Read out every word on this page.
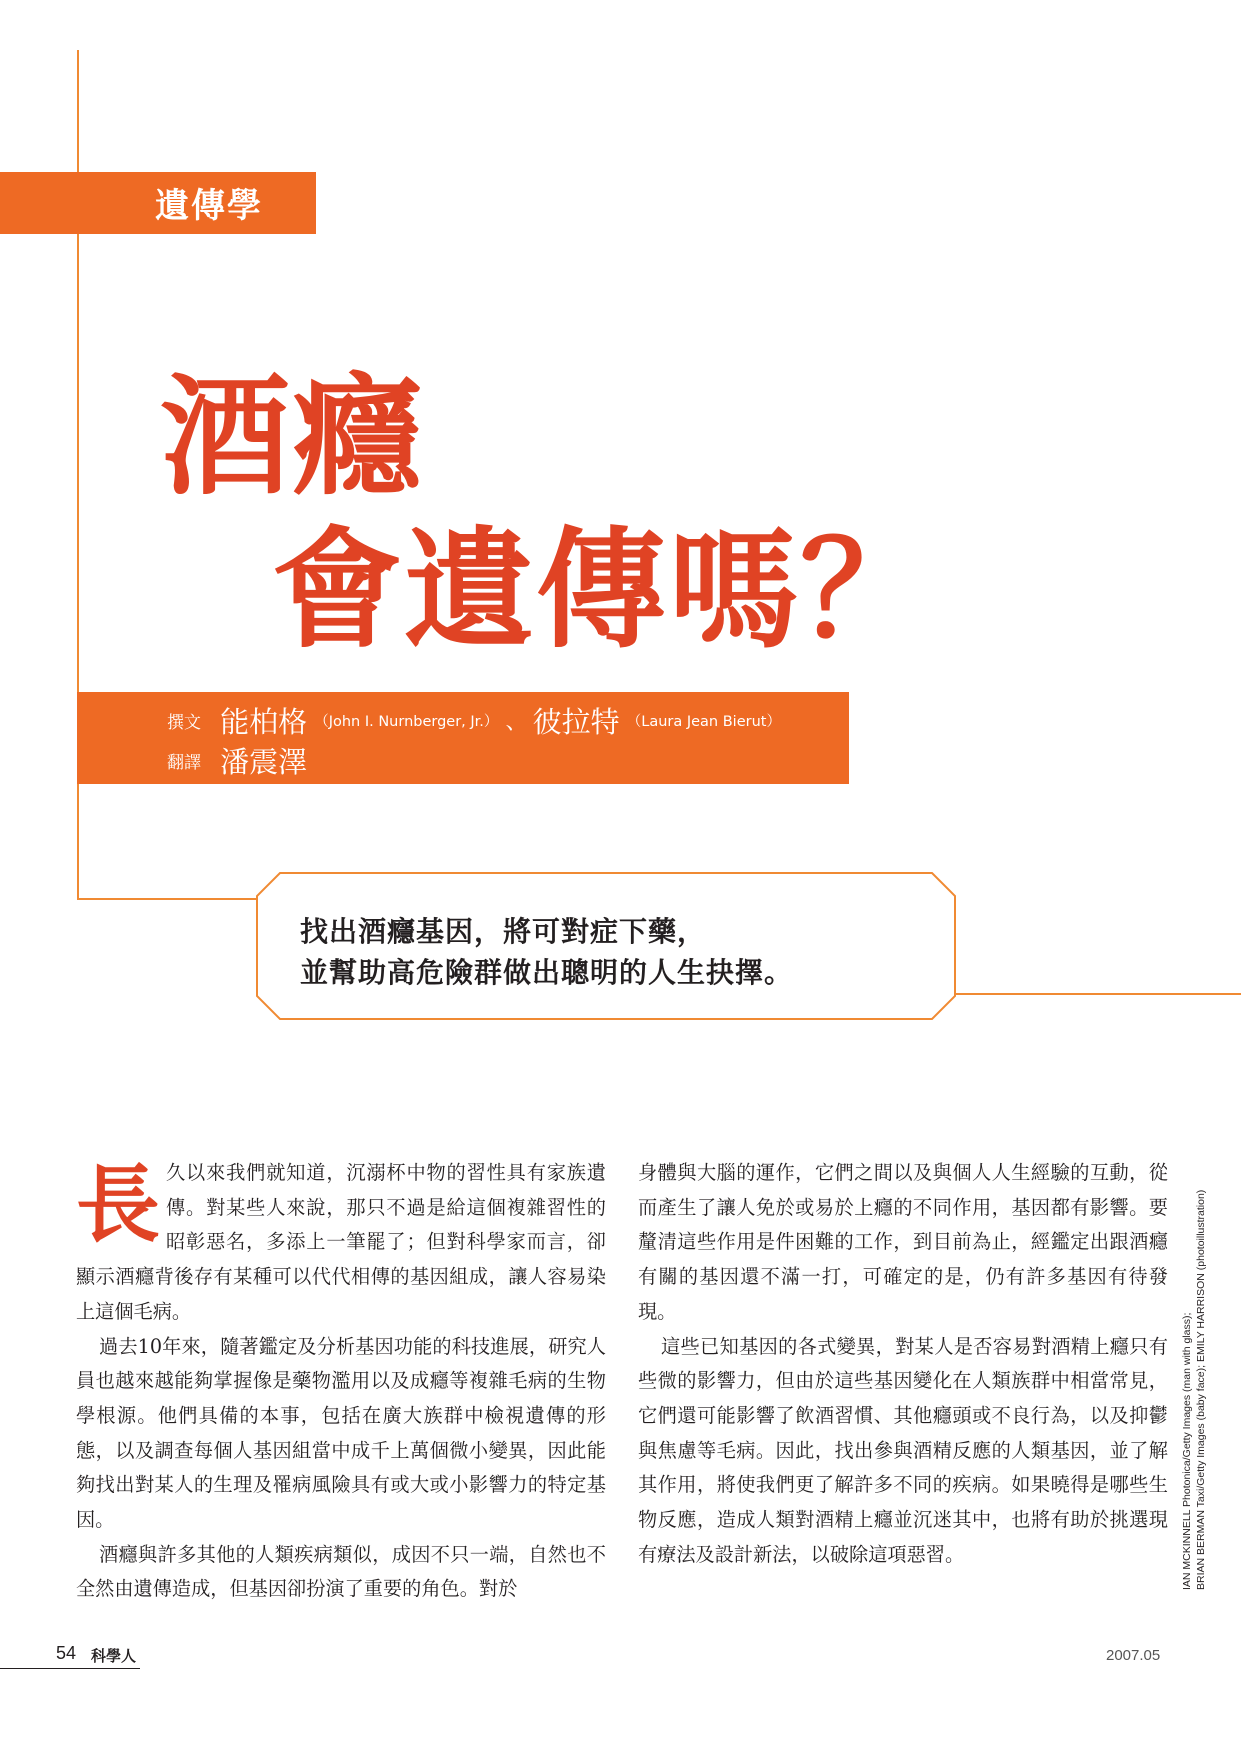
遺傳學
酒癮
會遺傳嗎？
撰文 能柏格 （John I. Nurnberger, Jr.） 、 彼拉特 （Laura Jean Bierut）
翻譯 潘震澤
找出酒癮基因，將可對症下藥，
並幫助高危險群做出聰明的人生抉擇。

長久以來我們就知道，沉溺杯中物的習性具有家族遺傳。對某些人來說，那只不過是給這個複雜習性的昭彰惡名，多添上一筆罷了；但對科學家而言，卻顯示酒癮背後存有某種可以代代相傳的基因組成，讓人容易染上這個毛病。

過去10年來，隨著鑑定及分析基因功能的科技進展，研究人員也越來越能夠掌握像是藥物濫用以及成癮等複雜毛病的生物學根源。他們具備的本事，包括在廣大族群中檢視遺傳的形態，以及調查每個人基因組當中成千上萬個微小變異，因此能夠找出對某人的生理及罹病風險具有或大或小影響力的特定基因。

酒癮與許多其他的人類疾病類似，成因不只一端，自然也不全然由遺傳造成，但基因卻扮演了重要的角色。對於

身體與大腦的運作，它們之間以及與個人人生經驗的互動，從而產生了讓人免於或易於上癮的不同作用，基因都有影響。要釐清這些作用是件困難的工作，到目前為止，經鑑定出跟酒癮有關的基因還不滿一打，可確定的是，仍有許多基因有待發現。

這些已知基因的各式變異，對某人是否容易對酒精上癮只有些微的影響力，但由於這些基因變化在人類族群中相當常見，它們還可能影響了飲酒習慣、其他癮頭或不良行為，以及抑鬱與焦慮等毛病。因此，找出參與酒精反應的人類基因，並了解其作用，將使我們更了解許多不同的疾病。如果曉得是哪些生物反應，造成人類對酒精上癮並沉迷其中，也將有助於挑選現有療法及設計新法，以破除這項惡習。	IAN MCKINNELL Photonica/Getty Images (man with glass); BRIAN BERMAN Taxi/Getty Images (baby face); EMILY HARRISON (photoillustration)
54 科學人	2007.05
